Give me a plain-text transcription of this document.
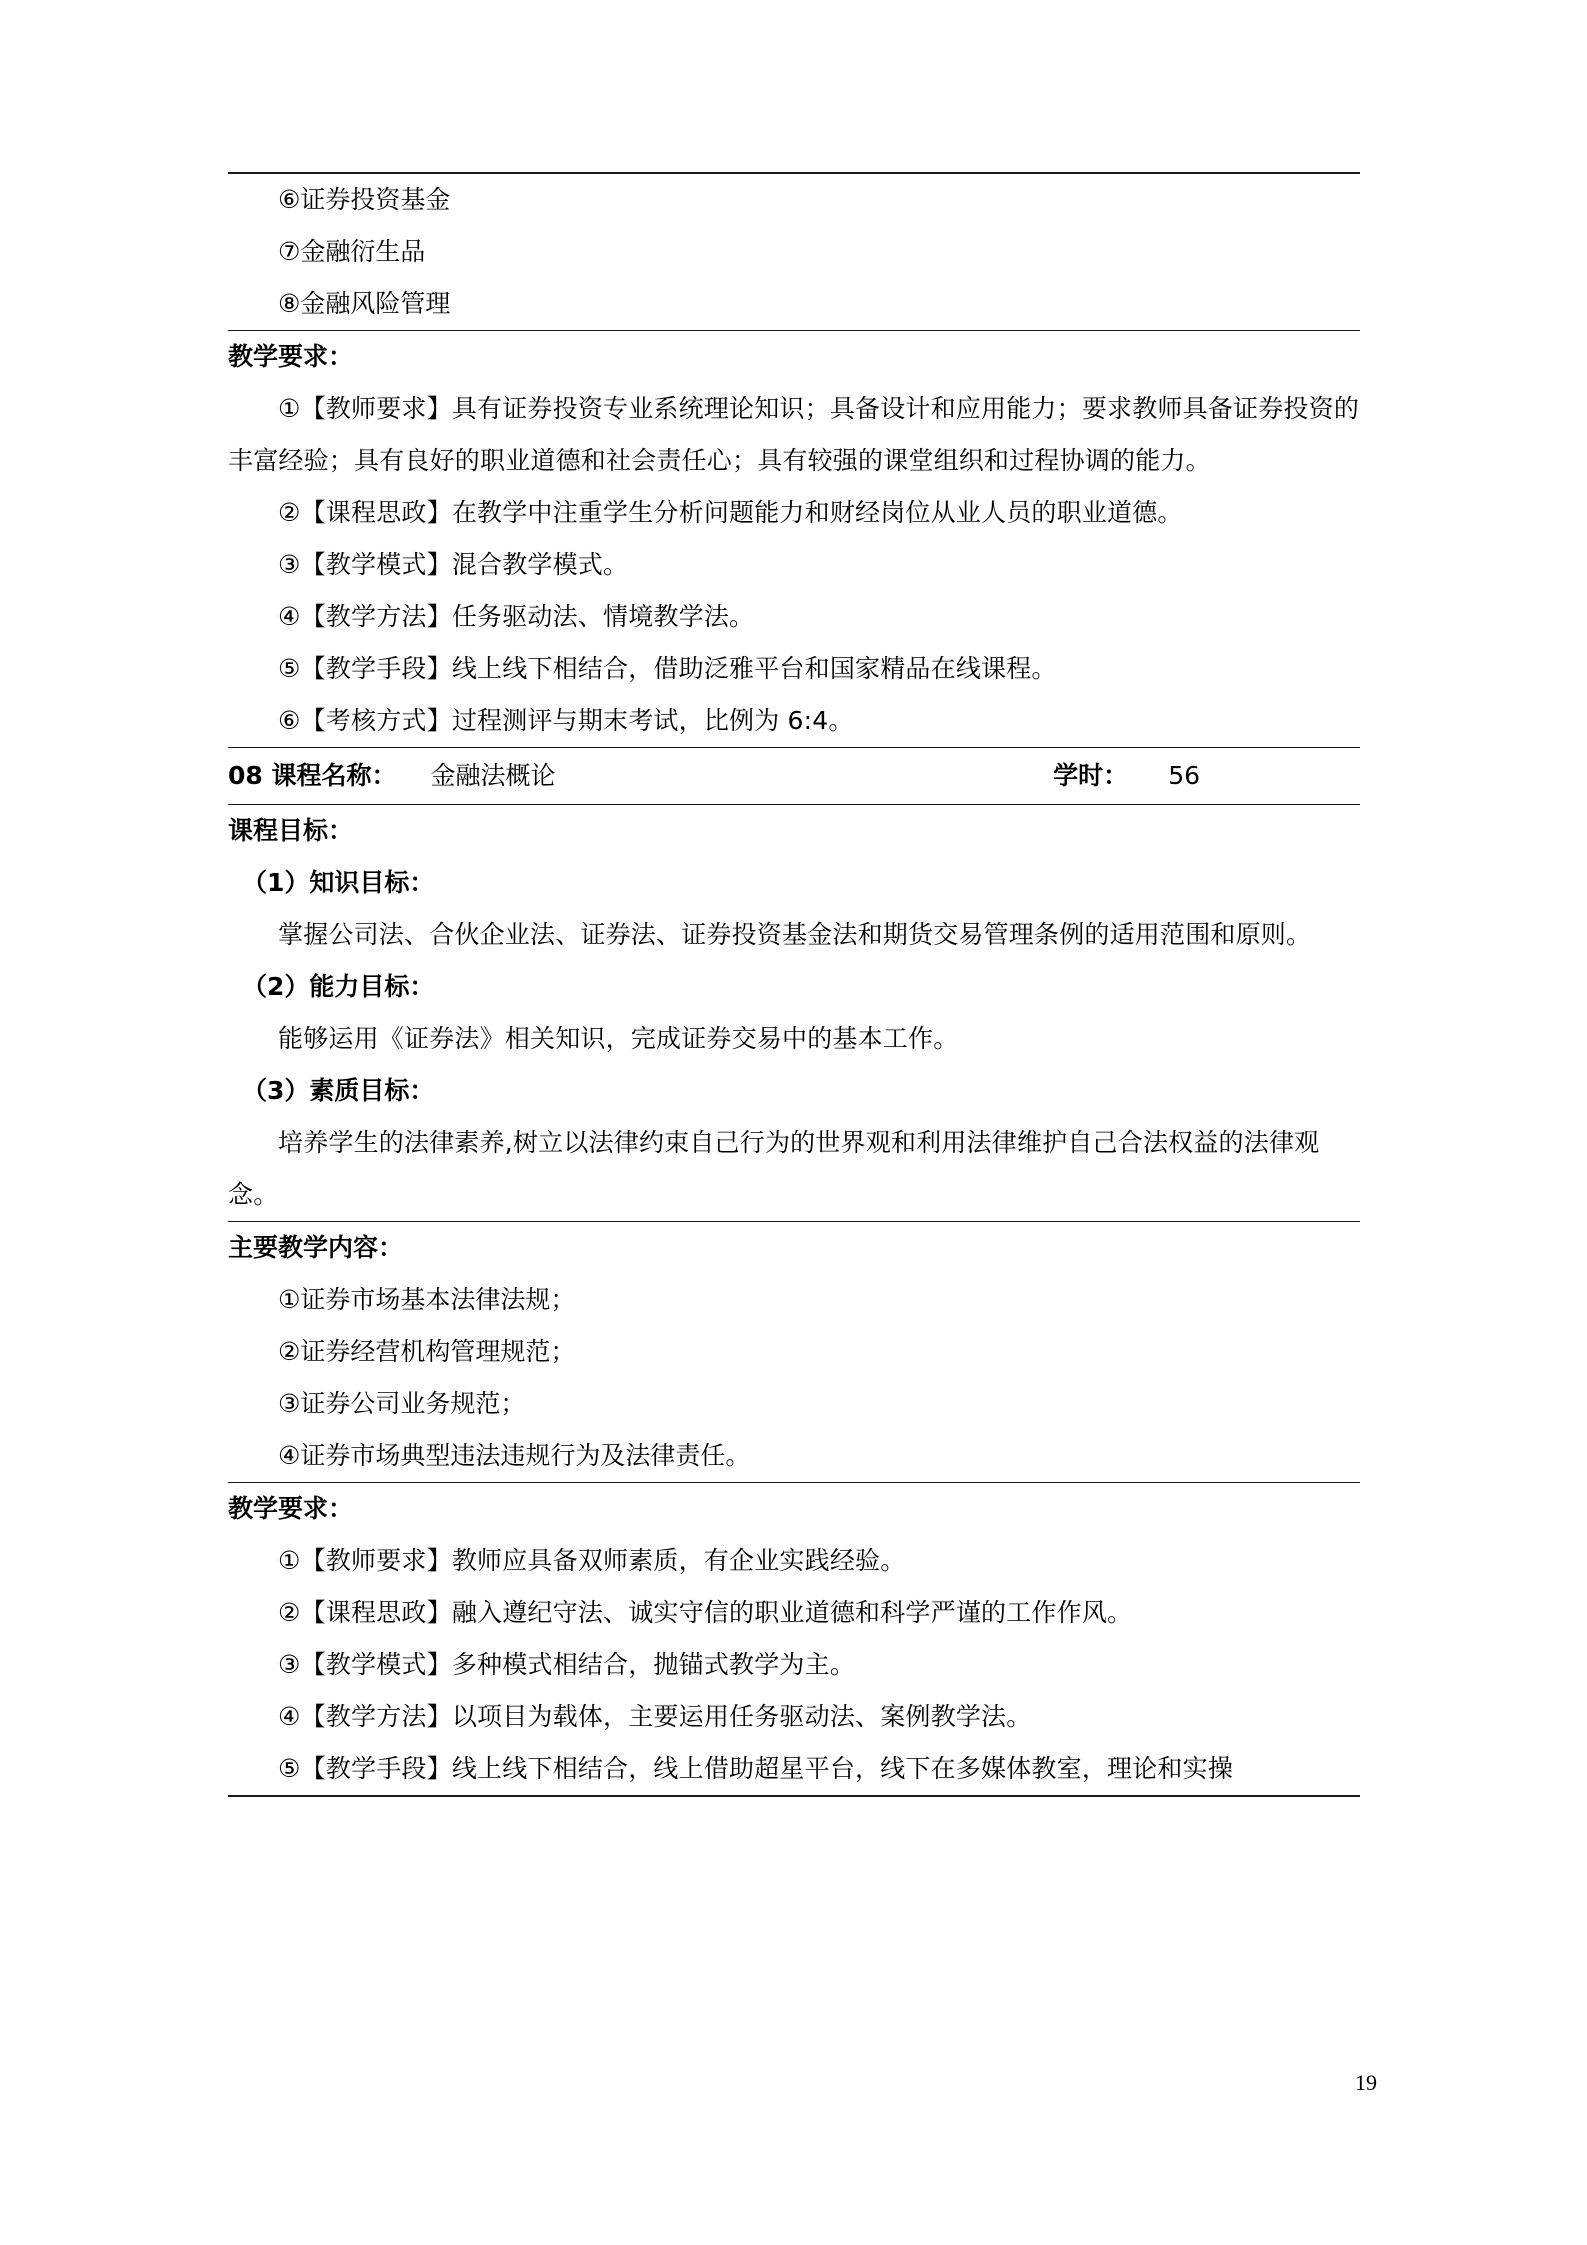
⑥证券投资基金
⑦金融衍生品
⑧金融风险管理
教学要求：
①【教师要求】具有证券投资专业系统理论知识；具备设计和应用能力；要求教师具备证券投资的丰富经验；具有良好的职业道德和社会责任心；具有较强的课堂组织和过程协调的能力。
②【课程思政】在教学中注重学生分析问题能力和财经岗位从业人员的职业道德。
③【教学模式】混合教学模式。
④【教学方法】任务驱动法、情境教学法。
⑤【教学手段】线上线下相结合，借助泛雅平台和国家精品在线课程。
⑥【考核方式】过程测评与期末考试，比例为 6:4。
08 课程名称： 金融法概论	学时： 56
课程目标：
（1）知识目标：
掌握公司法、合伙企业法、证券法、证券投资基金法和期货交易管理条例的适用范围和原则。
（2）能力目标：
能够运用《证券法》相关知识，完成证券交易中的基本工作。
（3）素质目标：
培养学生的法律素养,树立以法律约束自己行为的世界观和利用法律维护自己合法权益的法律观念。
主要教学内容：
①证券市场基本法律法规；
②证券经营机构管理规范；
③证券公司业务规范；
④证券市场典型违法违规行为及法律责任。
教学要求：
①【教师要求】教师应具备双师素质，有企业实践经验。
②【课程思政】融入遵纪守法、诚实守信的职业道德和科学严谨的工作作风。
③【教学模式】多种模式相结合，抛锚式教学为主。
④【教学方法】以项目为载体，主要运用任务驱动法、案例教学法。
⑤【教学手段】线上线下相结合，线上借助超星平台，线下在多媒体教室，理论和实操
19
